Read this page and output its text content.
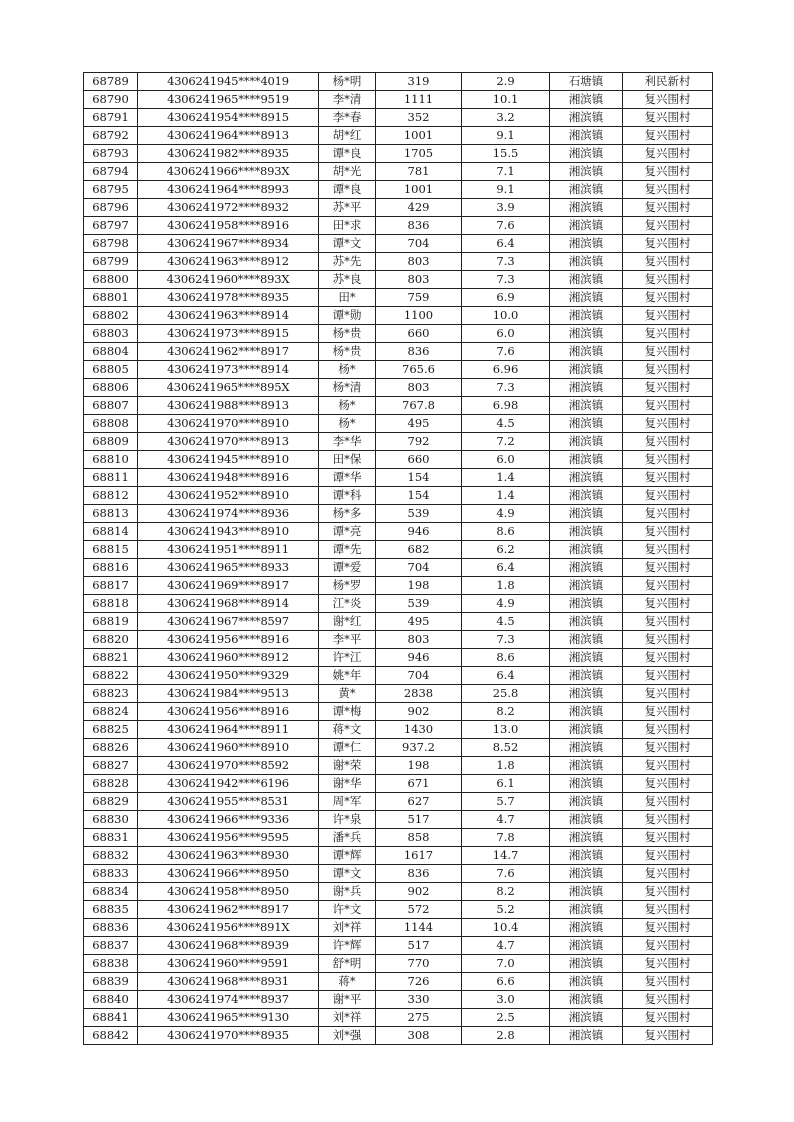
68789	4306241945****4019	杨*明	319	2.9	石塘镇	利民新村
68790	4306241965****9519	李*清	1111	10.1	湘滨镇	复兴围村
68791	4306241954****8915	李*春	352	3.2	湘滨镇	复兴围村
68792	4306241964****8913	胡*红	1001	9.1	湘滨镇	复兴围村
68793	4306241982****8935	谭*良	1705	15.5	湘滨镇	复兴围村
68794	4306241966****893X	胡*光	781	7.1	湘滨镇	复兴围村
68795	4306241964****8993	谭*良	1001	9.1	湘滨镇	复兴围村
68796	4306241972****8932	苏*平	429	3.9	湘滨镇	复兴围村
68797	4306241958****8916	田*求	836	7.6	湘滨镇	复兴围村
68798	4306241967****8934	谭*文	704	6.4	湘滨镇	复兴围村
68799	4306241963****8912	苏*先	803	7.3	湘滨镇	复兴围村
68800	4306241960****893X	苏*良	803	7.3	湘滨镇	复兴围村
68801	4306241978****8935	田*	759	6.9	湘滨镇	复兴围村
68802	4306241963****8914	谭*勋	1100	10.0	湘滨镇	复兴围村
68803	4306241973****8915	杨*贵	660	6.0	湘滨镇	复兴围村
68804	4306241962****8917	杨*贵	836	7.6	湘滨镇	复兴围村
68805	4306241973****8914	杨*	765.6	6.96	湘滨镇	复兴围村
68806	4306241965****895X	杨*清	803	7.3	湘滨镇	复兴围村
68807	4306241988****8913	杨*	767.8	6.98	湘滨镇	复兴围村
68808	4306241970****8910	杨*	495	4.5	湘滨镇	复兴围村
68809	4306241970****8913	李*华	792	7.2	湘滨镇	复兴围村
68810	4306241945****8910	田*保	660	6.0	湘滨镇	复兴围村
68811	4306241948****8916	谭*华	154	1.4	湘滨镇	复兴围村
68812	4306241952****8910	谭*科	154	1.4	湘滨镇	复兴围村
68813	4306241974****8936	杨*多	539	4.9	湘滨镇	复兴围村
68814	4306241943****8910	谭*亮	946	8.6	湘滨镇	复兴围村
68815	4306241951****8911	谭*先	682	6.2	湘滨镇	复兴围村
68816	4306241965****8933	谭*爱	704	6.4	湘滨镇	复兴围村
68817	4306241969****8917	杨*罗	198	1.8	湘滨镇	复兴围村
68818	4306241968****8914	江*炎	539	4.9	湘滨镇	复兴围村
68819	4306241967****8597	谢*红	495	4.5	湘滨镇	复兴围村
68820	4306241956****8916	李*平	803	7.3	湘滨镇	复兴围村
68821	4306241960****8912	许*江	946	8.6	湘滨镇	复兴围村
68822	4306241950****9329	姚*年	704	6.4	湘滨镇	复兴围村
68823	4306241984****9513	黄*	2838	25.8	湘滨镇	复兴围村
68824	4306241956****8916	谭*梅	902	8.2	湘滨镇	复兴围村
68825	4306241964****8911	蒋*文	1430	13.0	湘滨镇	复兴围村
68826	4306241960****8910	谭*仁	937.2	8.52	湘滨镇	复兴围村
68827	4306241970****8592	谢*荣	198	1.8	湘滨镇	复兴围村
68828	4306241942****6196	谢*华	671	6.1	湘滨镇	复兴围村
68829	4306241955****8531	周*军	627	5.7	湘滨镇	复兴围村
68830	4306241966****9336	许*泉	517	4.7	湘滨镇	复兴围村
68831	4306241956****9595	潘*兵	858	7.8	湘滨镇	复兴围村
68832	4306241963****8930	谭*辉	1617	14.7	湘滨镇	复兴围村
68833	4306241966****8950	谭*文	836	7.6	湘滨镇	复兴围村
68834	4306241958****8950	谢*兵	902	8.2	湘滨镇	复兴围村
68835	4306241962****8917	许*文	572	5.2	湘滨镇	复兴围村
68836	4306241956****891X	刘*祥	1144	10.4	湘滨镇	复兴围村
68837	4306241968****8939	许*辉	517	4.7	湘滨镇	复兴围村
68838	4306241960****9591	舒*明	770	7.0	湘滨镇	复兴围村
68839	4306241968****8931	蒋*	726	6.6	湘滨镇	复兴围村
68840	4306241974****8937	谢*平	330	3.0	湘滨镇	复兴围村
68841	4306241965****9130	刘*祥	275	2.5	湘滨镇	复兴围村
68842	4306241970****8935	刘*强	308	2.8	湘滨镇	复兴围村
